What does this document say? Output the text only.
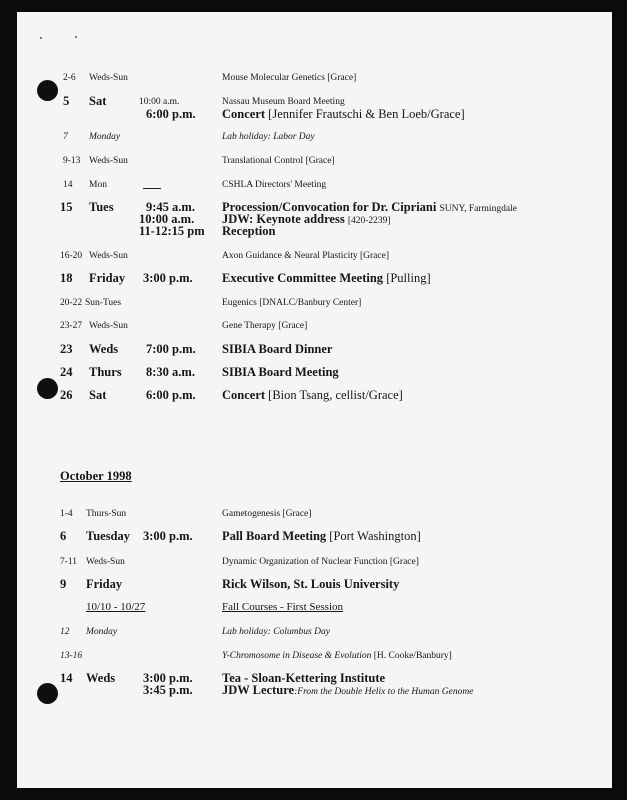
2-6 Weds-Sun	Mouse Molecular Genetics [Grace]
5 Sat	10:00 a.m.	Nassau Museum Board Meeting
6:00 p.m. Concert [Jennifer Frautschi & Ben Loeb/Grace]
7 Monday	Lab holiday: Labor Day
9-13 Weds-Sun	Translational Control [Grace]
14 Mon	CSHLA Directors' Meeting
15 Tues	9:45 a.m. Procession/Convocation for Dr. Cipriani SUNY, Farmingdale
10:00 a.m. JDW: Keynote address [420-2239]
11-12:15 pm Reception
16-20 Weds-Sun	Axon Guidance & Neural Plasticity [Grace]
18 Friday 3:00 p.m. Executive Committee Meeting [Pulling]
20-22 Sun-Tues	Eugenics [DNALC/Banbury Center]
23-27 Weds-Sun	Gene Therapy [Grace]
23 Weds 7:00 p.m. SIBIA Board Dinner
24 Thurs 8:30 a.m. SIBIA Board Meeting
26 Sat	6:00 p.m. Concert [Bion Tsang, cellist/Grace]
October 1998
1-4 Thurs-Sun	Gametogenesis [Grace]
6 Tuesday 3:00 p.m. Pall Board Meeting [Port Washington]
7-11 Weds-Sun	Dynamic Organization of Nuclear Function [Grace]
9 Friday	Rick Wilson, St. Louis University
10/10 - 10/27	Fall Courses - First Session
12 Monday	Lab holiday: Columbus Day
13-16	Y-Chromosome in Disease & Evolution [H. Cooke/Banbury]
14 Weds 3:00 p.m. Tea - Sloan-Kettering Institute
3:45 p.m. JDW Lecture:From the Double Helix to the Human Genome
